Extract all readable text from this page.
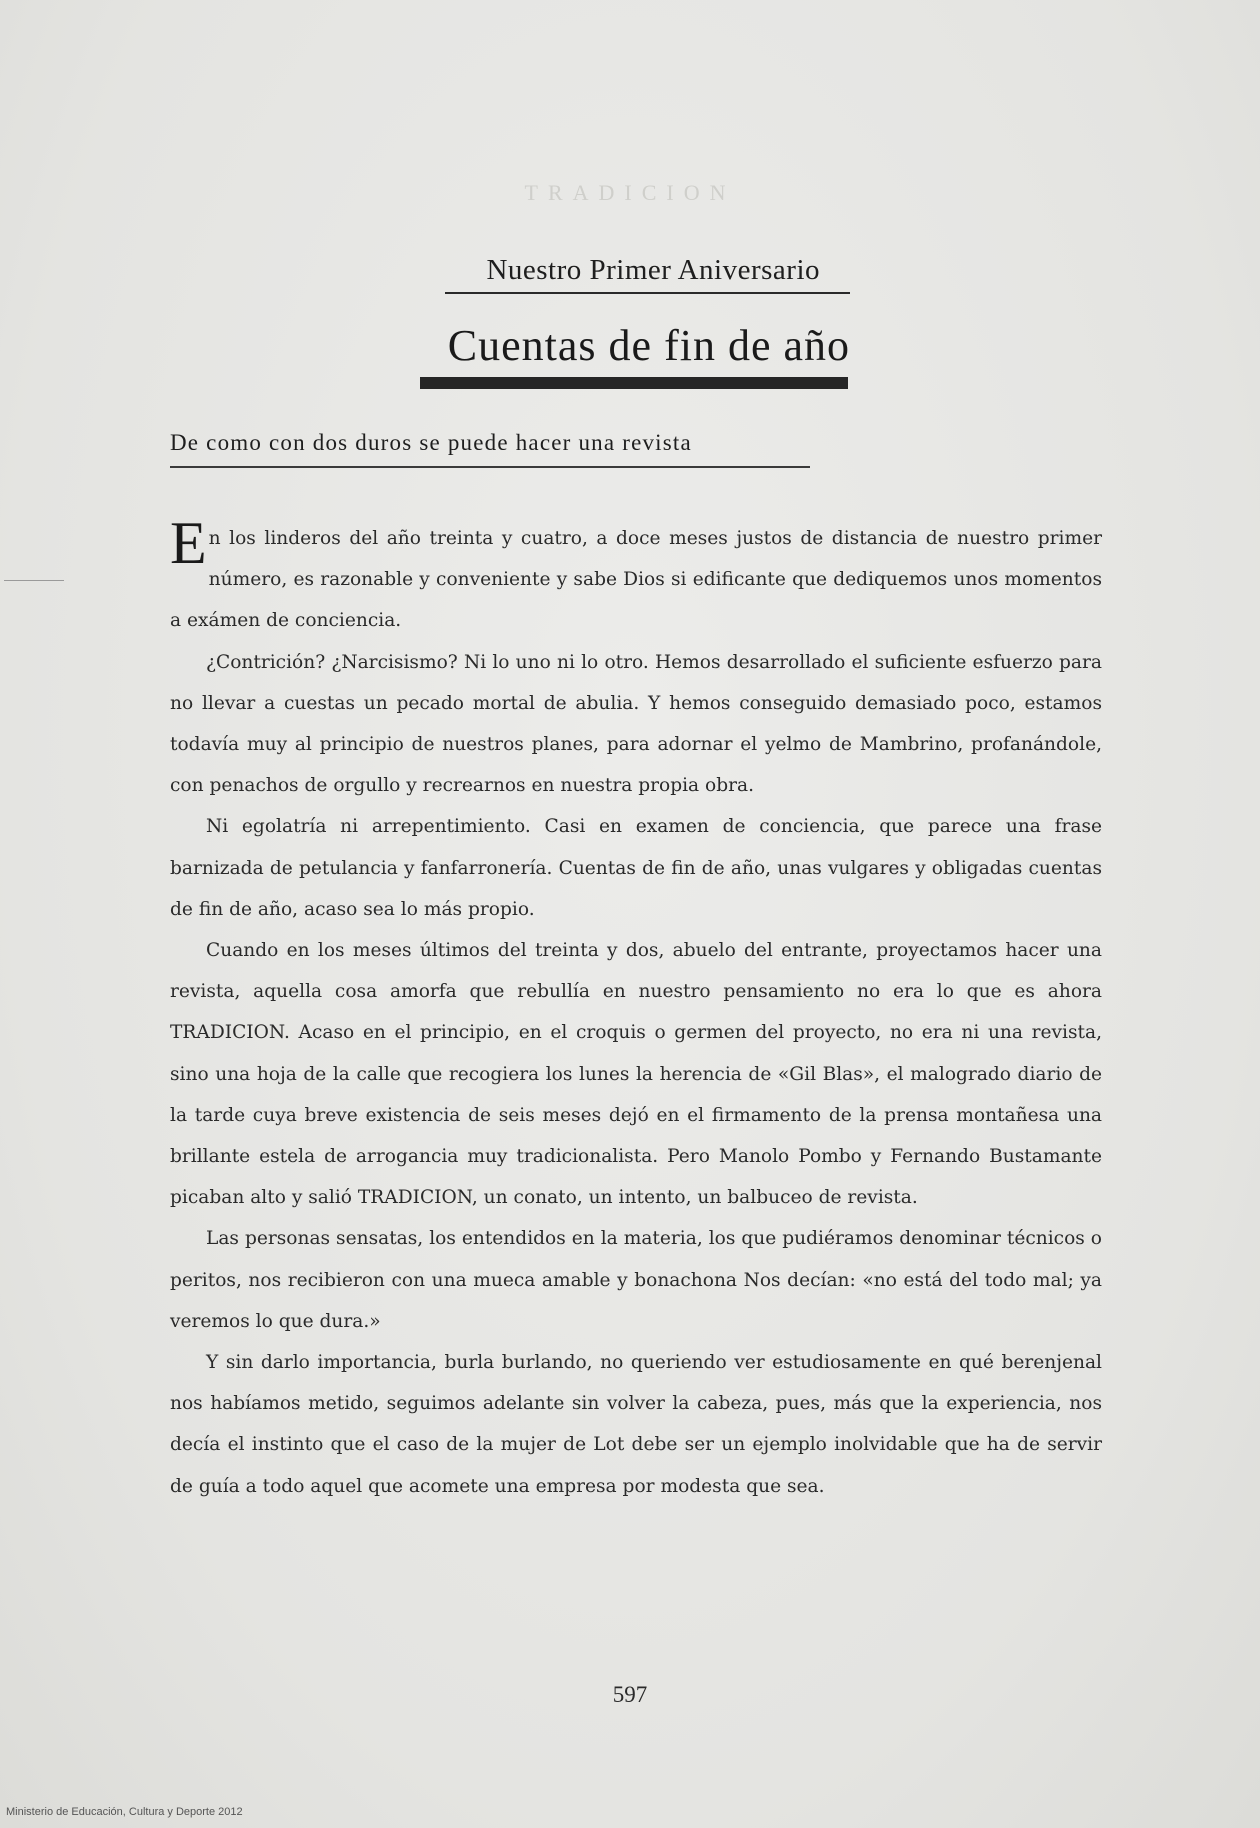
TRADICION
Nuestro Primer Aniversario
Cuentas de fin de año
De como con dos duros se puede hacer una revista

En los linderos del año treinta y cuatro, a doce meses justos de distancia de nuestro primer número, es razonable y conveniente y sabe Dios si edificante que dediquemos unos momentos a exámen de conciencia.

¿Contrición? ¿Narcisismo? Ni lo uno ni lo otro. Hemos desarrollado el suficiente esfuerzo para no llevar a cuestas un pecado mortal de abulia. Y hemos conseguido demasiado poco, estamos todavía muy al principio de nuestros planes, para adornar el yelmo de Mambrino, profanándole, con penachos de orgullo y recrearnos en nuestra propia obra.

Ni egolatría ni arrepentimiento. Casi en examen de conciencia, que parece una frase barnizada de petulancia y fanfarronería. Cuentas de fin de año, unas vulgares y obligadas cuentas de fin de año, acaso sea lo más propio.

Cuando en los meses últimos del treinta y dos, abuelo del entrante, proyectamos hacer una revista, aquella cosa amorfa que rebullía en nuestro pensamiento no era lo que es ahora TRADICION. Acaso en el principio, en el croquis o germen del proyecto, no era ni una revista, sino una hoja de la calle que recogiera los lunes la herencia de «Gil Blas», el malogrado diario de la tarde cuya breve existencia de seis meses dejó en el firmamento de la prensa montañesa una brillante estela de arrogancia muy tradicionalista. Pero Manolo Pombo y Fernando Bustamante picaban alto y salió TRADICION, un conato, un intento, un balbuceo de revista.

Las personas sensatas, los entendidos en la materia, los que pudiéramos denominar técnicos o peritos, nos recibieron con una mueca amable y bonachona Nos decían: «no está del todo mal; ya veremos lo que dura.»

Y sin darlo importancia, burla burlando, no queriendo ver estudiosamente en qué berenjenal nos habíamos metido, seguimos adelante sin volver la cabeza, pues, más que la experiencia, nos decía el instinto que el caso de la mujer de Lot debe ser un ejemplo inolvidable que ha de servir de guía a todo aquel que acomete una empresa por modesta que sea.

597
Ministerio de Educación, Cultura y Deporte 2012
